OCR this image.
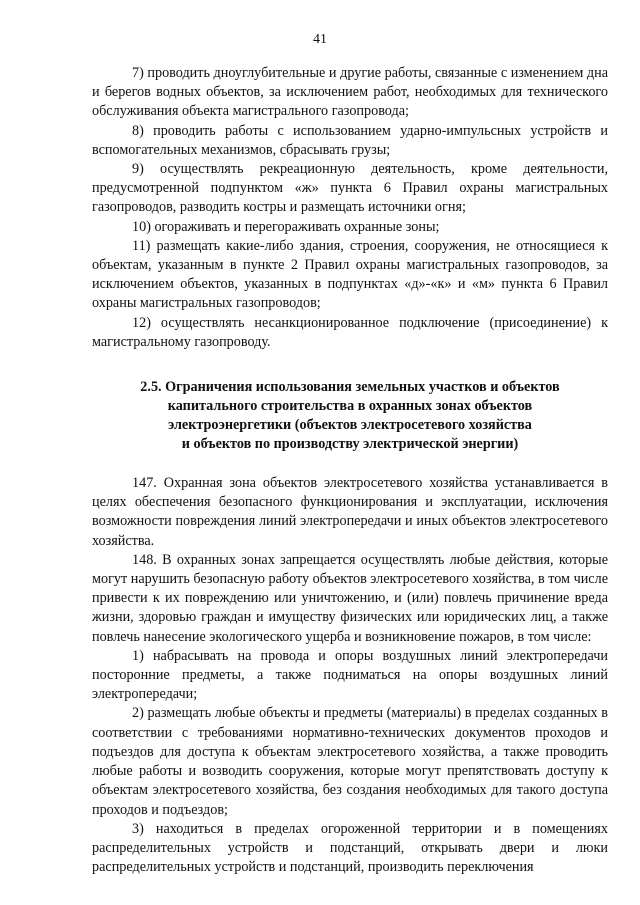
41

7) проводить дноуглубительные и другие работы, связанные с изменением дна и берегов водных объектов, за исключением работ, необходимых для технического обслуживания объекта магистрального газопровода;

8) проводить работы с использованием ударно-импульсных устройств и вспомогательных механизмов, сбрасывать грузы;

9) осуществлять рекреационную деятельность, кроме деятельности, предусмотренной подпунктом «ж» пункта 6 Правил охраны магистральных газопроводов, разводить костры и размещать источники огня;

10) огораживать и перегораживать охранные зоны;

11) размещать какие-либо здания, строения, сооружения, не относящиеся к объектам, указанным в пункте 2 Правил охраны магистральных газопроводов, за исключением объектов, указанных в подпунктах «д»-«к» и «м» пункта 6 Правил охраны магистральных газопроводов;

12) осуществлять несанкционированное подключение (присоединение) к магистральному газопроводу.

2.5. Ограничения использования земельных участков и объектов
капитального строительства в охранных зонах объектов
электроэнергетики (объектов электросетевого хозяйства
и объектов по производству электрической энергии)

147. Охранная зона объектов электросетевого хозяйства устанавливается в целях обеспечения безопасного функционирования и эксплуатации, исключения возможности повреждения линий электропередачи и иных объектов электросетевого хозяйства.

148. В охранных зонах запрещается осуществлять любые действия, которые могут нарушить безопасную работу объектов электросетевого хозяйства, в том числе привести к их повреждению или уничтожению, и (или) повлечь причинение вреда жизни, здоровью граждан и имуществу физических или юридических лиц, а также повлечь нанесение экологического ущерба и возникновение пожаров, в том числе:

1) набрасывать на провода и опоры воздушных линий электропередачи посторонние предметы, а также подниматься на опоры воздушных линий электропередачи;

2) размещать любые объекты и предметы (материалы) в пределах созданных в соответствии с требованиями нормативно-технических документов проходов и подъездов для доступа к объектам электросетевого хозяйства, а также проводить любые работы и возводить сооружения, которые могут препятствовать доступу к объектам электросетевого хозяйства, без создания необходимых для такого доступа проходов и подъездов;

3) находиться в пределах огороженной территории и в помещениях распределительных устройств и подстанций, открывать двери и люки распределительных устройств и подстанций, производить переключения
